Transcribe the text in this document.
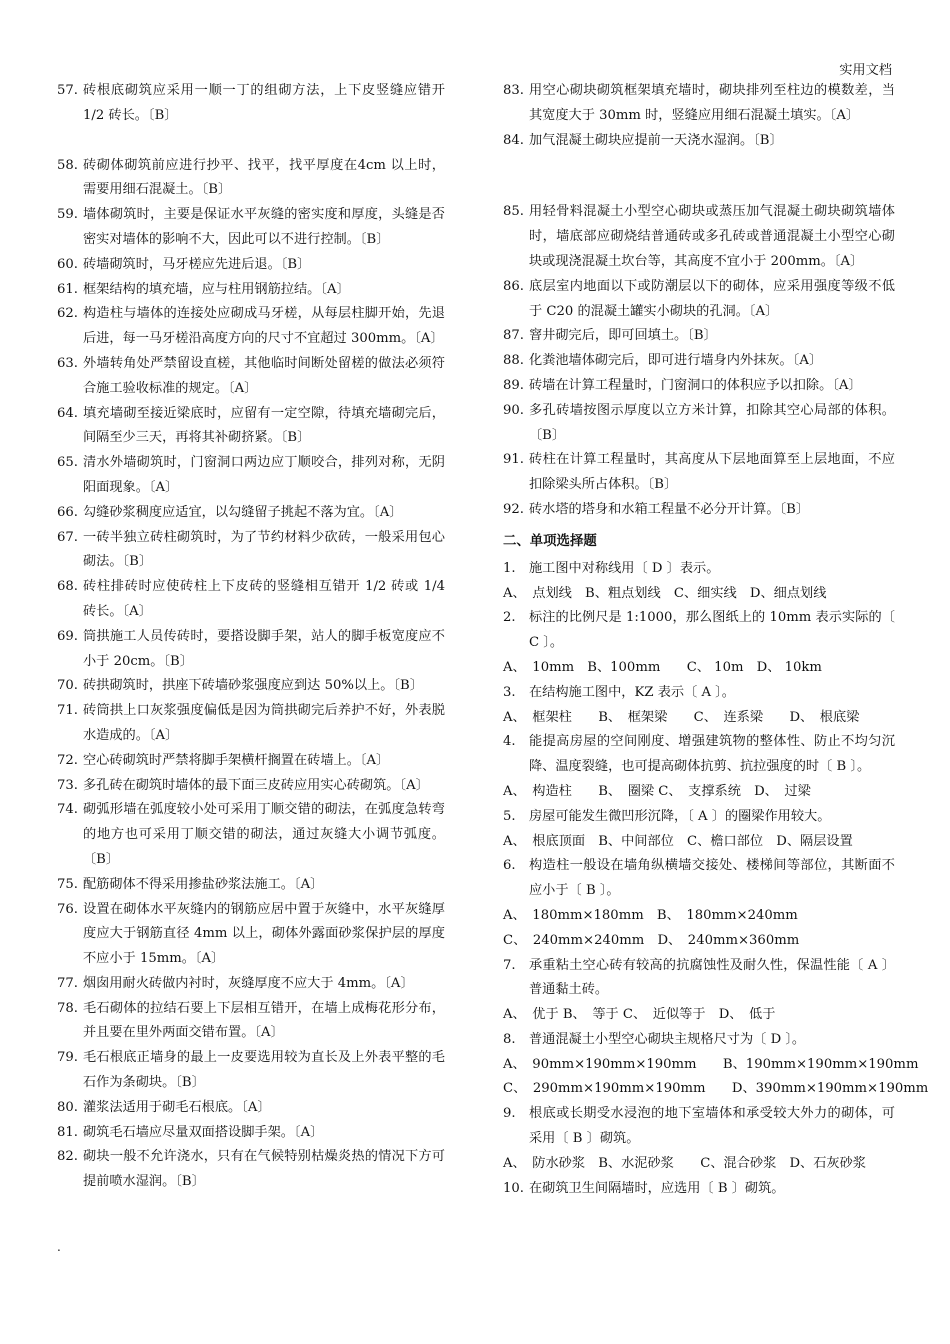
实用文档
57. 砖根底砌筑应采用一顺一丁的组砌方法，上下皮竖缝应错开 1/2 砖长。〔B〕
58. 砖砌体砌筑前应进行抄平、找平，找平厚度在4cm 以上时，需要用细石混凝土。〔B〕
59. 墙体砌筑时，主要是保证水平灰缝的密实度和厚度，头缝是否密实对墙体的影响不大，因此可以不进行控制。〔B〕
60. 砖墙砌筑时，马牙槎应先进后退。〔B〕
61. 框架结构的填充墙，应与柱用钢筋拉结。〔A〕
62. 构造柱与墙体的连接处应砌成马牙槎，从每层柱脚开始，先退后进，每一马牙槎沿高度方向的尺寸不宜超过 300mm。〔A〕
63. 外墙转角处严禁留设直槎，其他临时间断处留槎的做法必须符合施工验收标准的规定。〔A〕
64. 填充墙砌至接近梁底时，应留有一定空隙，待填充墙砌完后，间隔至少三天，再将其补砌挤紧。〔B〕
65. 清水外墙砌筑时，门窗洞口两边应丁顺咬合，排列对称，无阴阳面现象。〔A〕
66. 勾缝砂浆稠度应适宜，以勾缝留子挑起不落为宜。〔A〕
67. 一砖半独立砖柱砌筑时，为了节约材料少砍砖，一般采用包心砌法。〔B〕
68. 砖柱排砖时应使砖柱上下皮砖的竖缝相互错开 1/2 砖或 1/4 砖长。〔A〕
69. 筒拱施工人员传砖时，要搭设脚手架，站人的脚手板宽度应不小于 20cm。〔B〕
70. 砖拱砌筑时，拱座下砖墙砂浆强度应到达 50%以上。〔B〕
71. 砖筒拱上口灰浆强度偏低是因为筒拱砌完后养护不好，外表脱水造成的。〔A〕
72. 空心砖砌筑时严禁将脚手架横杆搁置在砖墙上。〔A〕
73. 多孔砖在砌筑时墙体的最下面三皮砖应用实心砖砌筑。〔A〕
74. 砌弧形墙在弧度较小处可采用丁顺交错的砌法，在弧度急转弯的地方也可采用丁顺交错的砌法，通过灰缝大小调节弧度。〔B〕
75. 配筋砌体不得采用掺盐砂浆法施工。〔A〕
76. 设置在砌体水平灰缝内的钢筋应居中置于灰缝中，水平灰缝厚度应大于钢筋直径 4mm 以上，砌体外露面砂浆保护层的厚度不应小于 15mm。〔A〕
77. 烟囱用耐火砖做内衬时，灰缝厚度不应大于 4mm。〔A〕
78. 毛石砌体的拉结石要上下层相互错开，在墙上成梅花形分布，并且要在里外两面交错布置。〔A〕
79. 毛石根底正墙身的最上一皮要选用较为直长及上外表平整的毛石作为条砌块。〔B〕
80. 灌浆法适用于砌毛石根底。〔A〕
81. 砌筑毛石墙应尽量双面搭设脚手架。〔A〕
82. 砌块一般不允许浇水，只有在气候特别枯燥炎热的情况下方可提前喷水湿润。〔B〕
83. 用空心砌块砌筑框架填充墙时，砌块排列至柱边的模数差，当其宽度大于 30mm 时，竖缝应用细石混凝土填实。〔A〕
84. 加气混凝土砌块应提前一天浇水湿润。〔B〕
85. 用轻骨料混凝土小型空心砌块或蒸压加气混凝土砌块砌筑墙体时，墙底部应砌烧结普通砖或多孔砖或普通混凝土小型空心砌块或现浇混凝土坎台等，其高度不宜小于 200mm。〔A〕
86. 底层室内地面以下或防潮层以下的砌体，应采用强度等级不低于 C20 的混凝土罐实小砌块的孔洞。〔A〕
87. 窨井砌完后，即可回填土。〔B〕
88. 化粪池墙体砌完后，即可进行墙身内外抹灰。〔A〕
89. 砖墙在计算工程量时，门窗洞口的体积应予以扣除。〔A〕
90. 多孔砖墙按图示厚度以立方米计算，扣除其空心局部的体积。〔B〕
91. 砖柱在计算工程量时，其高度从下层地面算至上层地面，不应扣除梁头所占体积。〔B〕
92. 砖水塔的塔身和水箱工程量不必分开计算。〔B〕
二、单项选择题
1.	施工图中对称线用〔 D 〕表示。
A、　点划线　B、粗点划线　C、细实线　D、细点划线
2.	标注的比例尺是 1:1000，那么图纸上的 10mm 表示实际的〔 C 〕。
A、　10mm　B、100mm　　C、 10m　D、 10km
3.	在结构施工图中，KZ 表示〔 A 〕。
A、　框架柱　　B、　框架梁　　C、　连系梁　　D、　根底梁
4.	能提高房屋的空间刚度、增强建筑物的整体性、防止不均匀沉降、温度裂缝，也可提高砌体抗剪、抗拉强度的时〔 B 〕。
A、　构造柱　　B、　圈梁 C、　支撑系统　D、　过梁
5.	房屋可能发生微凹形沉降，〔 A 〕的圈梁作用较大。
A、　根底顶面　B、中间部位　C、檐口部位　D、隔层设置
6.	构造柱一般设在墙角纵横墙交接处、楼梯间等部位，其断面不应小于〔 B 〕。
A、　180mm×180mm　B、　180mm×240mm
C、　240mm×240mm　D、　240mm×360mm
7.	承重粘土空心砖有较高的抗腐蚀性及耐久性，保温性能〔 A 〕普通黏土砖。
A、　优于 B、　等于 C、　近似等于　D、　低于
8.	普通混凝土小型空心砌块主规格尺寸为〔 D 〕。
A、　90mm×190mm×190mm　　B、190mm×190mm×190mm
C、　290mm×190mm×190mm　　D、390mm×190mm×190mm
9.	根底或长期受水浸泡的地下室墙体和承受较大外力的砌体，可采用〔 B 〕砌筑。
A、　防水砂浆　B、水泥砂浆　　C、混合砂浆　D、石灰砂浆
10. 在砌筑卫生间隔墙时，应选用〔 B 〕砌筑。
.
